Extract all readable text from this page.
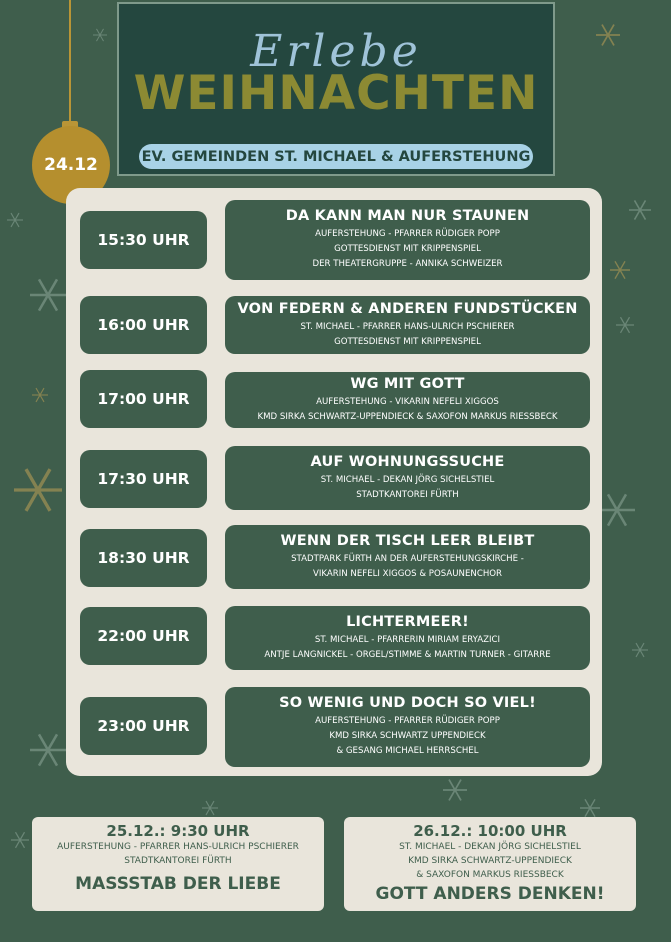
24.12
Erlebe
WEIHNACHTEN
EV. GEMEINDEN ST. MICHAEL & AUFERSTEHUNG
15:30 UHR
DA KANN MAN NUR STAUNEN
AUFERSTEHUNG - PFARRER RÜDIGER POPP
GOTTESDIENST MIT KRIPPENSPIEL
DER THEATERGRUPPE - ANNIKA SCHWEIZER
16:00 UHR
VON FEDERN & ANDEREN FUNDSTÜCKEN
ST. MICHAEL - PFARRER HANS-ULRICH PSCHIERER
GOTTESDIENST MIT KRIPPENSPIEL
17:00 UHR
WG MIT GOTT
AUFERSTEHUNG - VIKARIN NEFELI XIGGOS
KMD SIRKA SCHWARTZ-UPPENDIECK & SAXOFON MARKUS RIESSBECK
17:30 UHR
AUF WOHNUNGSSUCHE
ST. MICHAEL - DEKAN JÖRG SICHELSTIEL
STADTKANTOREI FÜRTH
18:30 UHR
WENN DER TISCH LEER BLEIBT
STADTPARK FÜRTH AN DER AUFERSTEHUNGSKIRCHE -
VIKARIN NEFELI XIGGOS & POSAUNENCHOR
22:00 UHR
LICHTERMEER!
ST. MICHAEL - PFARRERIN MIRIAM ERYAZICI
ANTJE LANGNICKEL - ORGEL/STIMME & MARTIN TURNER - GITARRE
23:00 UHR
SO WENIG UND DOCH SO VIEL!
AUFERSTEHUNG - PFARRER RÜDIGER POPP
KMD SIRKA SCHWARTZ UPPENDIECK
& GESANG MICHAEL HERRSCHEL
25.12.: 9:30 UHR
AUFERSTEHUNG - PFARRER HANS-ULRICH PSCHIERER
STADTKANTOREI FÜRTH
MASSSTAB DER LIEBE
26.12.: 10:00 UHR
ST. MICHAEL - DEKAN JÖRG SICHELSTIEL
KMD SIRKA SCHWARTZ-UPPENDIECK
& SAXOFON MARKUS RIESSBECK
GOTT ANDERS DENKEN!
